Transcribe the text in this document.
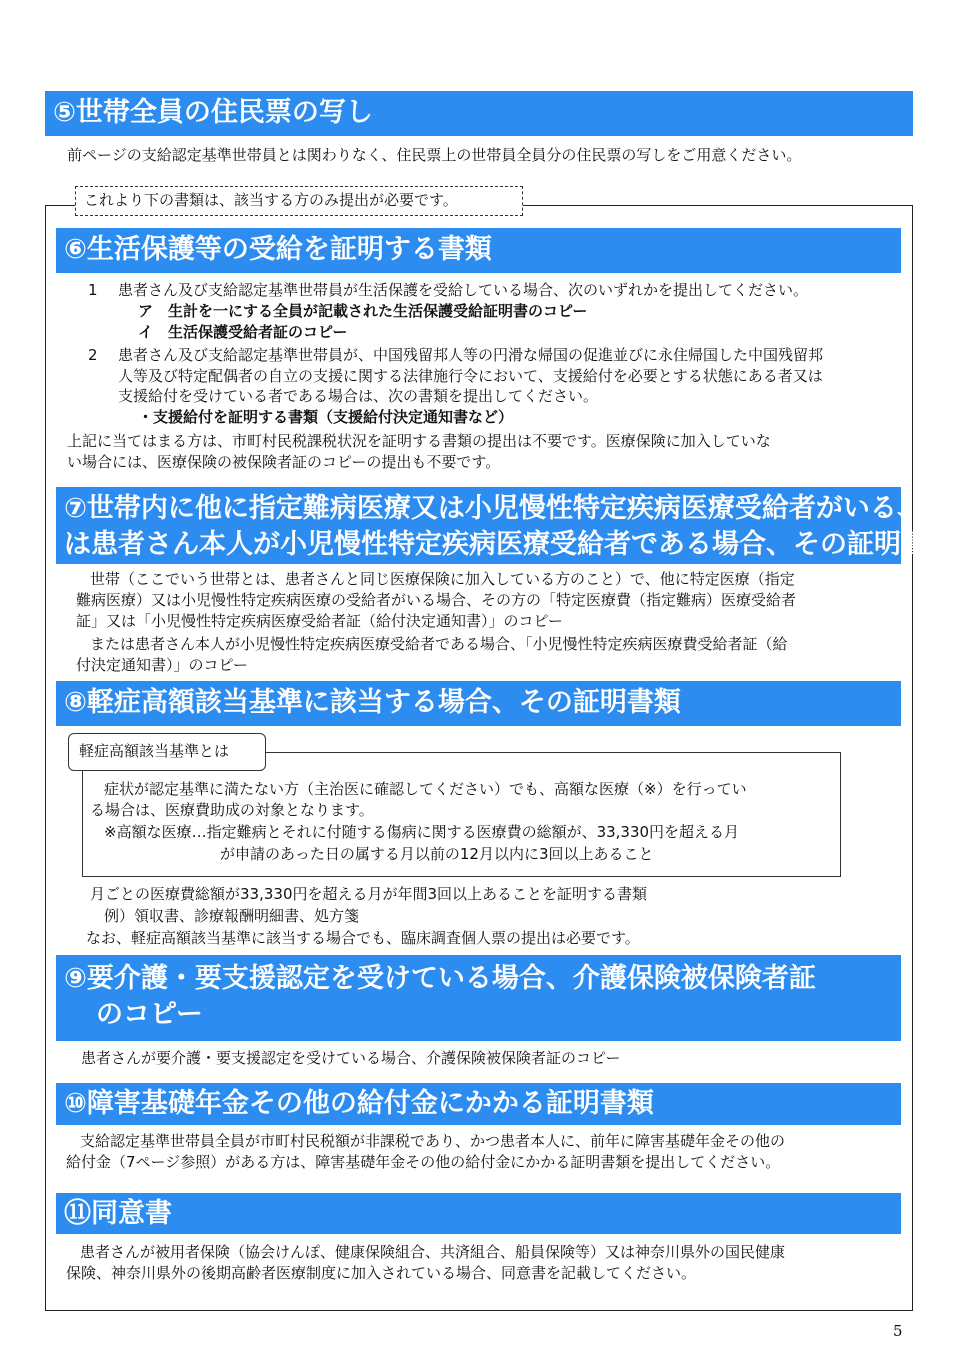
⑤世帯全員の住民票の写し
前ページの支給認定基準世帯員とは関わりなく、住民票上の世帯員全員分の住民票の写しをご用意ください。
これより下の書類は、該当する方のみ提出が必要です。
⑥生活保護等の受給を証明する書類
1 患者さん及び支給認定基準世帯員が生活保護を受給している場合、次のいずれかを提出してください。
ア　生計を一にする全員が記載された生活保護受給証明書のコピー
イ　生活保護受給者証のコピー
2 患者さん及び支給認定基準世帯員が、中国残留邦人等の円滑な帰国の促進並びに永住帰国した中国残留邦
人等及び特定配偶者の自立の支援に関する法律施行令において、支援給付を必要とする状態にある者又は
支援給付を受けている者である場合は、次の書類を提出してください。
・支援給付を証明する書類（支援給付決定通知書など）
上記に当てはまる方は、市町村民税課税状況を証明する書類の提出は不要です。医療保険に加入していな
い場合には、医療保険の被保険者証のコピーの提出も不要です。
⑦世帯内に他に指定難病医療又は小児慢性特定疾病医療受給者がいる、又
は患者さん本人が小児慢性特定疾病医療受給者である場合、その証明書類
世帯（ここでいう世帯とは、患者さんと同じ医療保険に加入している方のこと）で、他に特定医療（指定
難病医療）又は小児慢性特定疾病医療の受給者がいる場合、その方の「特定医療費（指定難病）医療受給者
証」又は「小児慢性特定疾病医療受給者証（給付決定通知書）」のコピー
または患者さん本人が小児慢性特定疾病医療受給者である場合、「小児慢性特定疾病医療費受給者証（給
付決定通知書）」のコピー
⑧軽症高額該当基準に該当する場合、その証明書類
軽症高額該当基準とは
症状が認定基準に満たない方（主治医に確認してください）でも、高額な医療（※）を行ってい
る場合は、医療費助成の対象となります。
※高額な医療…指定難病とそれに付随する傷病に関する医療費の総額が、33,330円を超える月
が申請のあった日の属する月以前の12月以内に3回以上あること
月ごとの医療費総額が33,330円を超える月が年間3回以上あることを証明する書類
例）領収書、診療報酬明細書、処方箋
なお、軽症高額該当基準に該当する場合でも、臨床調査個人票の提出は必要です。
⑨要介護・要支援認定を受けている場合、介護保険被保険者証
のコピー
患者さんが要介護・要支援認定を受けている場合、介護保険被保険者証のコピー
⑩障害基礎年金その他の給付金にかかる証明書類
支給認定基準世帯員全員が市町村民税額が非課税であり、かつ患者本人に、前年に障害基礎年金その他の
給付金（7ページ参照）がある方は、障害基礎年金その他の給付金にかかる証明書類を提出してください。
⑪同意書
患者さんが被用者保険（協会けんぽ、健康保険組合、共済組合、船員保険等）又は神奈川県外の国民健康
保険、神奈川県外の後期高齢者医療制度に加入されている場合、同意書を記載してください。
5
